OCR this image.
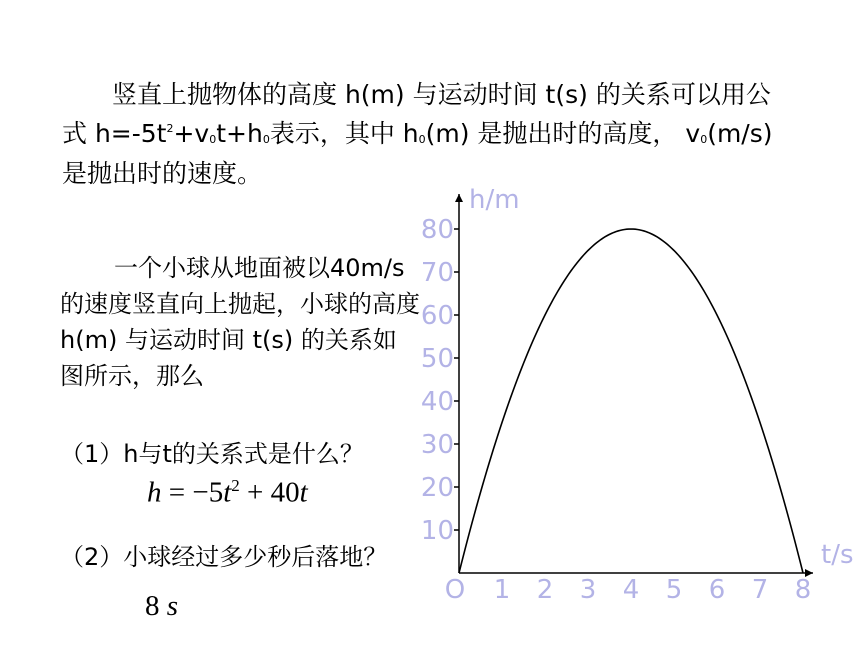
竖直上抛物体的高度 h(m) 与运动时间 t(s) 的关系可以用公式 $h=-5t^2+v0t+h0$表示，其中 h0(m) 是抛出时的高度， v0(m/s) 是抛出时的速度。

一个小球从地面被以40m/s的速度竖直向上抛起，小球的高度 h(m) 与运动时间 t(s) 的关系如图所示，那么

（1）h与t的关系式是什么？

$h = -5t^2 + 40t$

（2）小球经过多少秒后落地？

8 s

10
20
30
40
50
60
70
80
1 2 3 4 5 6 7 8
O
t/s
h/m
